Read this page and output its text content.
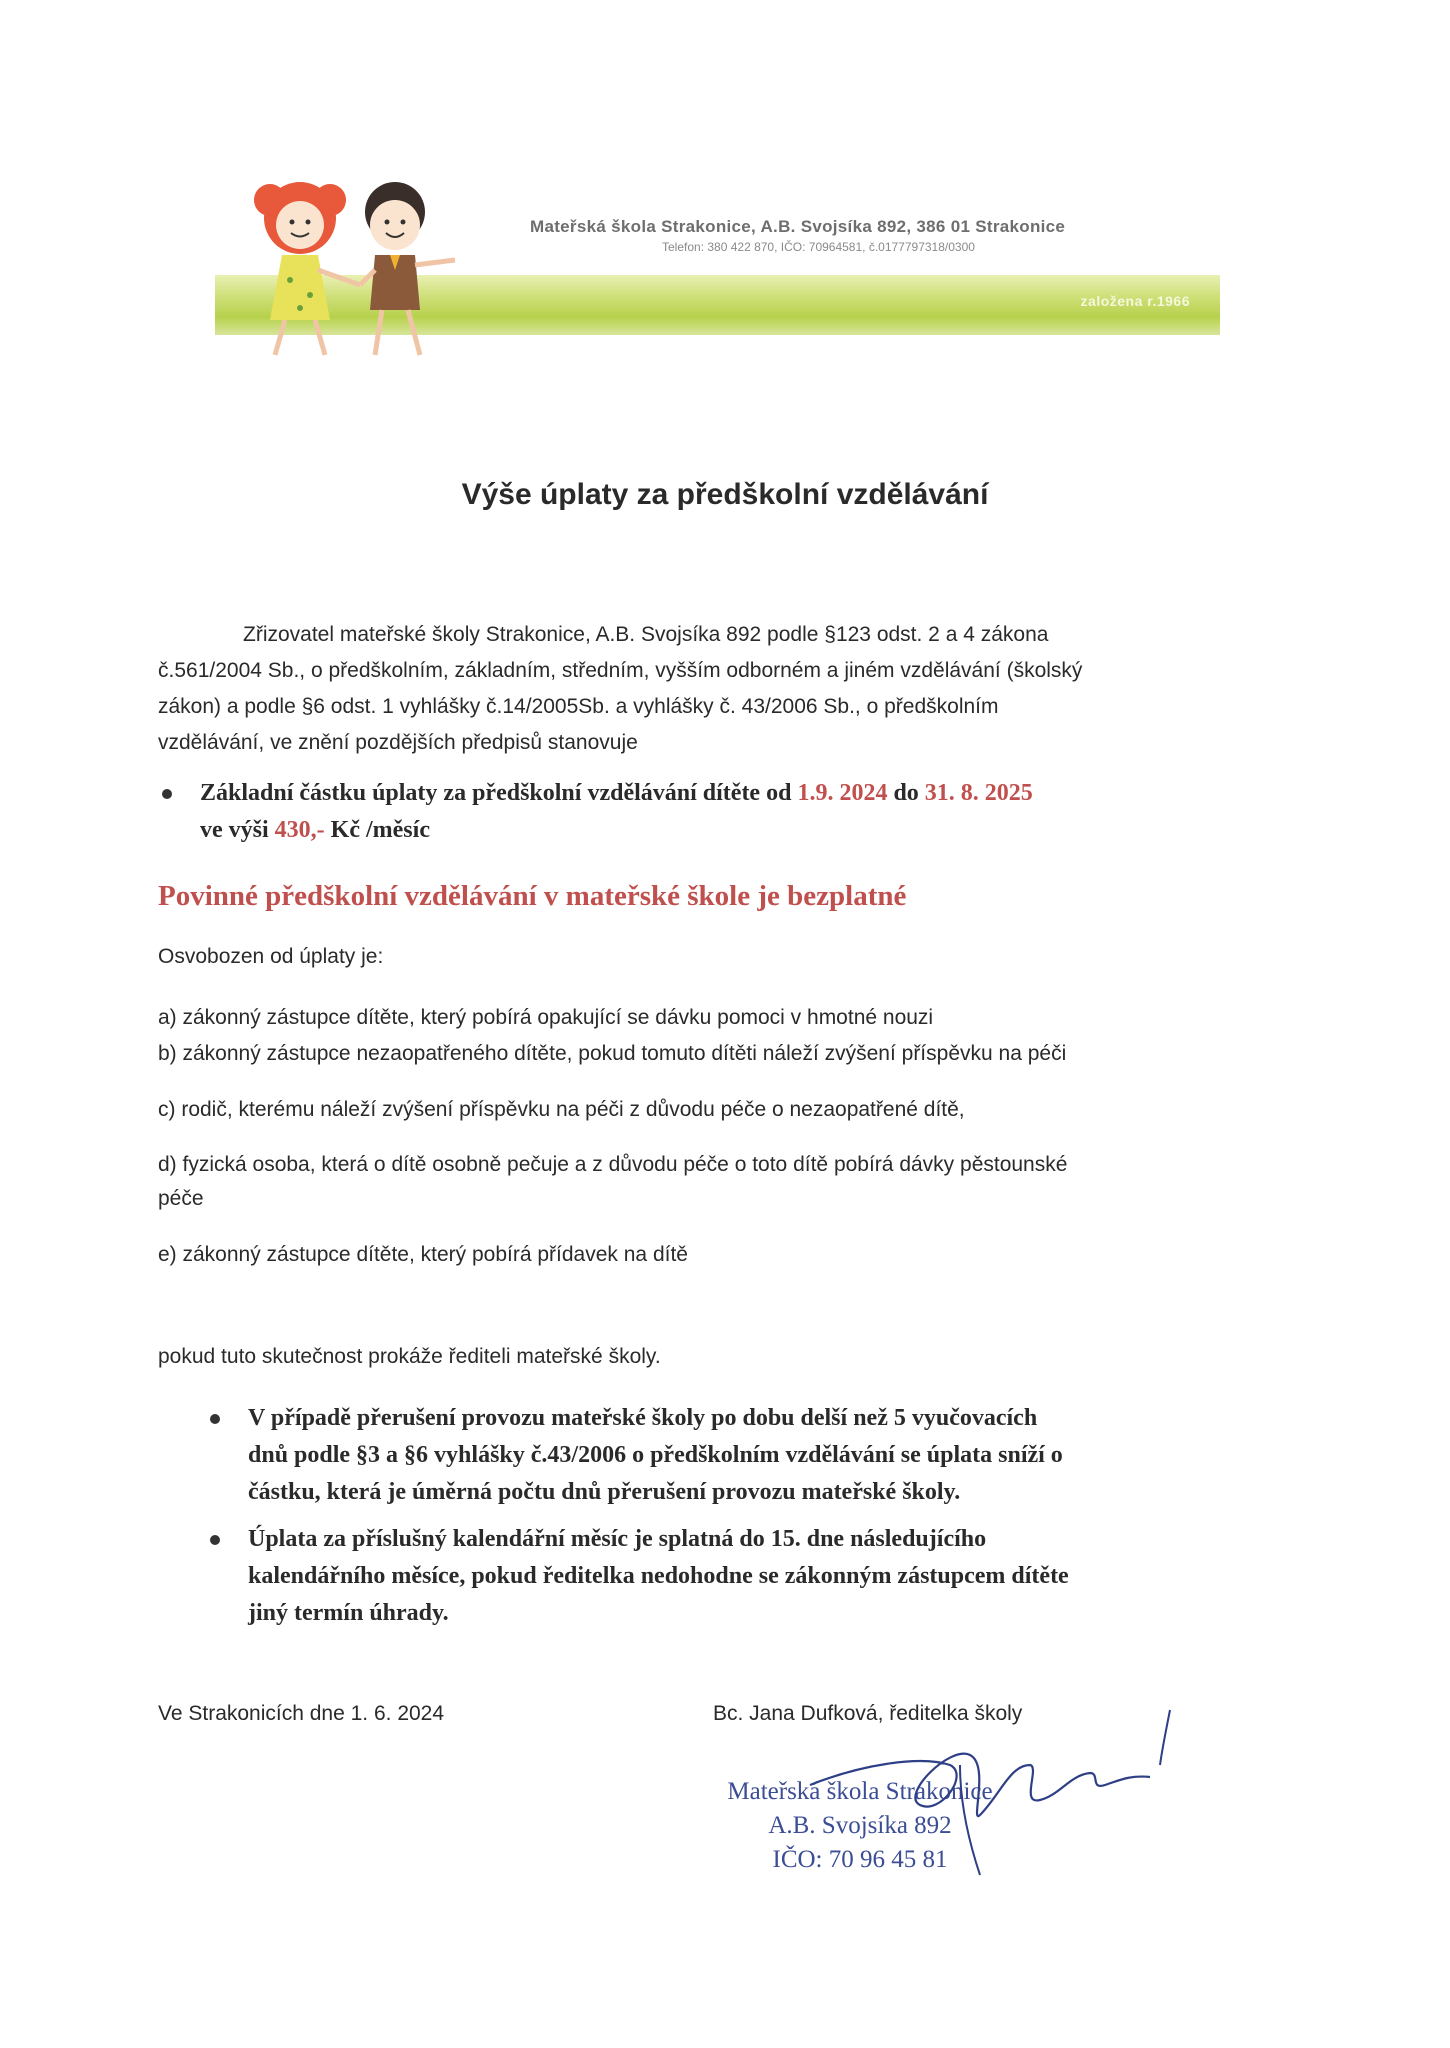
Mateřská škola Strakonice, A.B. Svojsíka 892, 386 01 Strakonice
Telefon: 380 422 870, IČO: 70964581, č.0177797318/0300
založena r.1966
Výše úplaty za předškolní vzdělávání

Zřizovatel mateřské školy Strakonice, A.B. Svojsíka 892 podle §123 odst. 2 a 4 zákona

č.561/2004 Sb., o předškolním, základním, středním, vyšším odborném a jiném vzdělávání (školský

zákon) a podle §6 odst. 1 vyhlášky č.14/2005Sb. a vyhlášky č. 43/2006 Sb., o předškolním

vzdělávání, ve znění pozdějších předpisů stanovuje

Základní částku úplaty za předškolní vzdělávání dítěte od 1.9. 2024 do 31. 8. 2025
ve výši 430,- Kč /měsíc
Povinné předškolní vzdělávání v mateřské škole je bezplatné
Osvobozen od úplaty je:
a) zákonný zástupce dítěte, který pobírá opakující se dávku pomoci v hmotné nouzi
b) zákonný zástupce nezaopatřeného dítěte, pokud tomuto dítěti náleží zvýšení příspěvku na péči
c) rodič, kterému náleží zvýšení příspěvku na péči z důvodu péče o nezaopatřené dítě,
d) fyzická osoba, která o dítě osobně pečuje a z důvodu péče o toto dítě pobírá dávky pěstounské
péče
e) zákonný zástupce dítěte, který pobírá přídavek na dítě
pokud tuto skutečnost prokáže řediteli mateřské školy.
V případě přerušení provozu mateřské školy po dobu delší než 5 vyučovacích
dnů podle §3 a §6 vyhlášky č.43/2006 o předškolním vzdělávání se úplata sníží o
částku, která je úměrná počtu dnů přerušení provozu mateřské školy.
Úplata za příslušný kalendářní měsíc je splatná do 15. dne následujícího
kalendářního měsíce, pokud ředitelka nedohodne se zákonným zástupcem dítěte
jiný termín úhrady.
Ve Strakonicích dne 1. 6. 2024	Bc. Jana Dufková, ředitelka školy
Mateřská škola Strakonice
A.B. Svojsíka 892
IČO: 70 96 45 81
